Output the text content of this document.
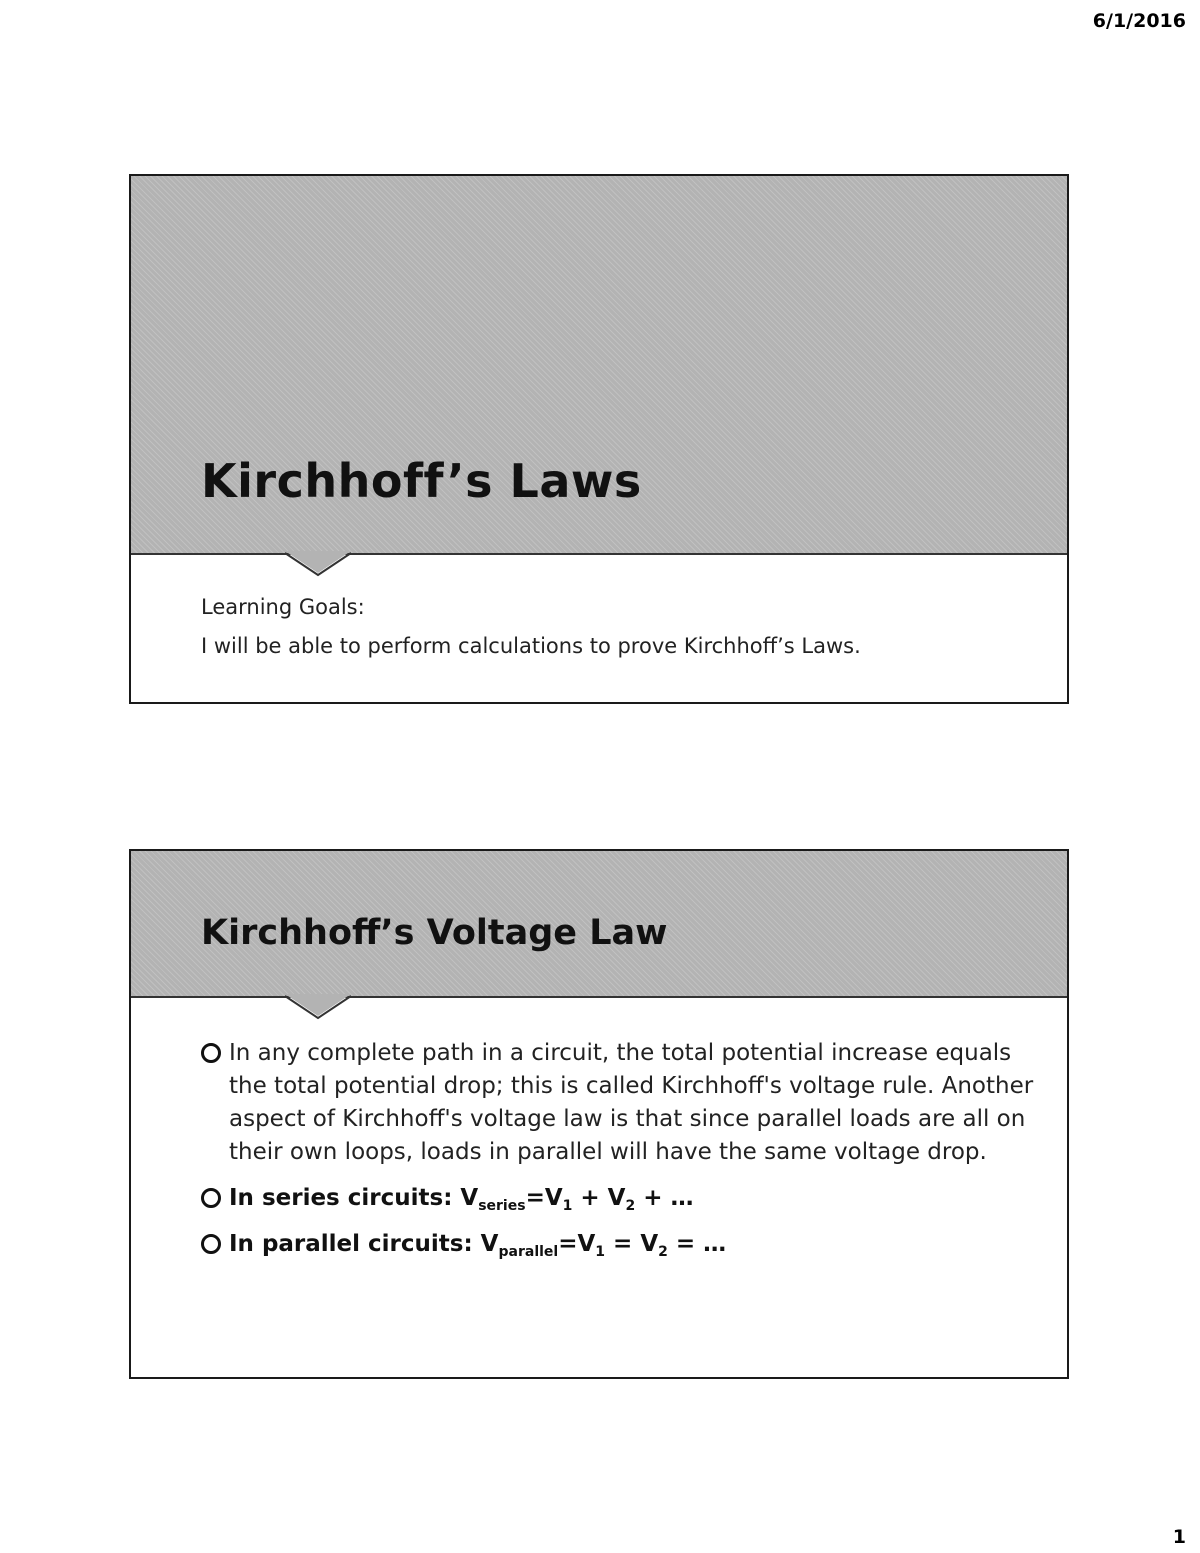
6/1/2016
Kirchhoff’s Laws
Learning Goals:
I will be able to perform calculations to prove Kirchhoff’s Laws.
Kirchhoff’s Voltage Law
In any complete path in a circuit, the total potential increase equals the total potential drop; this is called Kirchhoff's voltage rule. Another aspect of Kirchhoff's voltage law is that since parallel loads are all on their own loops, loads in parallel will have the same voltage drop.
In series circuits: $V_{series}=V_1 + V_2$ + …
In parallel circuits: $V_{parallel}=V_1 = V_2$ = …
1
